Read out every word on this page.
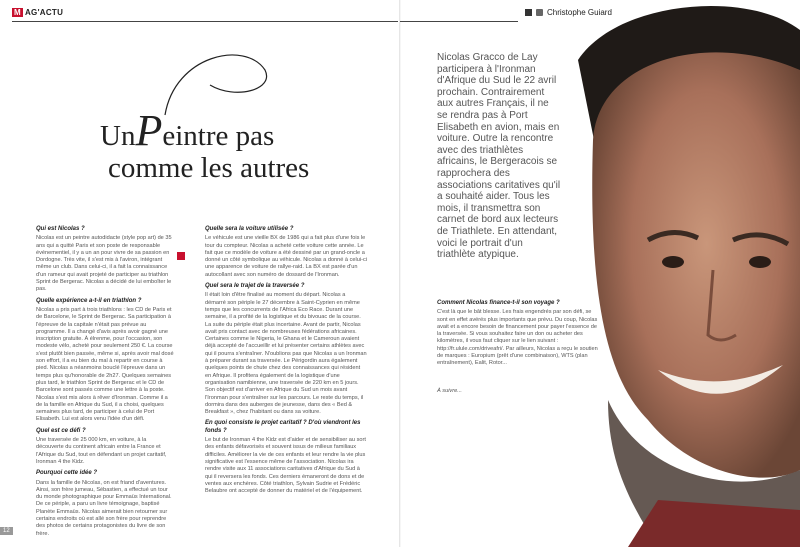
M AG'ACTU
UnPeintre pas
comme les autres
Qui est Nicolas ?

Nicolas est un peintre autodidacte (style pop art) de 35 ans qui a quitté Paris et son poste de responsable événementiel, il y a un an pour vivre de sa passion en Dordogne. Très vite, il s'est mis à l'aviron, intégrant même un club. Dans celui-ci, il a fait la connaissance d'un rameur qui avait projeté de participer au triathlon Sprint de Bergerac. Nicolas a décidé de lui emboîter le pas.

Quelle expérience a-t-il en triathlon ?

Nicolas a pris part à trois triathlons : les CD de Paris et de Barcelone, le Sprint de Bergerac. Sa participation à l'épreuve de la capitale n'était pas prévue au programme. Il a changé d'avis après avoir gagné une inscription gratuite. À élrenme, pour l'occasion, son modeste vélo, acheté pour seulement 250 €. La course s'est plutôt bien passée, même si, après avoir mal dosé son effort, il a eu bien du mal à repartir en course à pied. Nicolas a néanmoins bouclé l'épreuve dans un temps plus qu'honorable de 2h27. Quelques semaines plus tard, le triathlon Sprint de Bergerac et le CD de Barcelone sont passés comme une lettre à la poste. Nicolas s'est mis alors à rêver d'Ironman. Comme il a de la famille en Afrique du Sud, il a choisi, quelques semaines plus tard, de participer à celui de Port Elisabeth. Lui est alors venu l'idée d'un défi.

Quel est ce défi ?

Une traversée de 25 000 km, en voiture, à la découverte du continent africain entre la France et l'Afrique du Sud, tout en défendant un projet caritatif, Ironman 4 the Kidz.

Pourquoi cette idée ?

Dans la famille de Nicolas, on est friand d'aventures. Ainsi, son frère jumeau, Sébastien, a effectué un tour du monde photographique pour Emmaüs International. De ce périple, a paru un livre témoignage, baptisé Planète Emmaüs. Nicolas aimerait bien retourner sur certains endroits où est allé son frère pour reprendre des photos de certains protagonistes du livre de son frère.

Quelle sera la voiture utilisée ?

Le véhicule est une vieille BX de 1986 qui a fait plus d'une fois le tour du compteur. Nicolas a acheté cette voiture cette année. Le fait que ce modèle de voiture a été dessiné par un grand-oncle a donné un côté symbolique au véhicule. Nicolas a donné à celui-ci une apparence de voiture de rallye-raid. La BX est parée d'un autocollant avec son numéro de dossard de l'Ironman.

Quel sera le trajet de la traversée ?

Il était loin d'être finalisé au moment du départ. Nicolas a démarré son périple le 27 décembre à Saint-Cyprien en même temps que les concurrents de l'Africa Eco Race. Durant une semaine, il a profité de la logistique et du bivouac de la course. La suite du périple était plus incertaine. Avant de partir, Nicolas avait pris contact avec de nombreuses fédérations africaines. Certaines comme le Nigeria, le Ghana et le Cameroun avaient déjà accepté de l'accueillir et lui présenter certains athlètes avec qui il pourra s'entraîner. N'oublions pas que Nicolas a un Ironman à préparer durant sa traversée. Le Périgordin aura également quelques points de chute chez des connaissances qui résident en Afrique. Il profitera également de la logistique d'une organisation namibienne, une traversée de 220 km en 5 jours. Son objectif est d'arriver en Afrique du Sud un mois avant l'Ironman pour s'entraîner sur les parcours. Le reste du temps, il dormira dans des auberges de jeunesse, dans des « Bed & Breakfast », chez l'habitant ou dans sa voiture.

En quoi consiste le projet caritatif ? D'où viendront les fonds ?

Le but de Ironman 4 the Kidz est d'aider et de sensibiliser au sort des enfants défavorisés et souvent issus de milieux familiaux difficiles. Améliorer la vie de ces enfants et leur rendre la vie plus significative est l'essence même de l'association. Nicolas ira rendre visite aux 11 associations caritatives d'Afrique du Sud à qui il reversera les fonds. Ces derniers émaneront de dons et de ventes aux enchères. Côté triathlon, Sylvain Sudrie et Frédéric Belaubre ont accepté de donner du matériel et de l'équipement.

12
Christophe Guiard
Nicolas Gracco de Lay participera à l'Ironman d'Afrique du Sud le 22 avril prochain. Contrairement aux autres Français, il ne se rendra pas à Port Elisabeth en avion, mais en voiture. Outre la rencontre avec des triathlètes africains, le Bergeracois se rapprochera des associations caritatives qu'il a souhaité aider. Tous les mois, il transmettra son carnet de bord aux lecteurs de Triathlete. En attendant, voici le portrait d'un triathlète atypique.
Comment Nicolas finance-t-il son voyage ?

C'est là que le bât blesse. Les frais engendrés par son défi, se sont en effet avérés plus importants que prévu. Du coup, Nicolas avait et a encore besoin de financement pour payer l'essence de la traversée. Si vous souhaitez faire un don ou acheter des kilomètres, il vous faut cliquer sur le lien suivant : http://fr.ulule.com/driveafri/. Par ailleurs, Nicolas a reçu le soutien de marques : Europium (prêt d'une combinaison), WTS (plan entraînement), Ealit, Rotor...

À suivre...
